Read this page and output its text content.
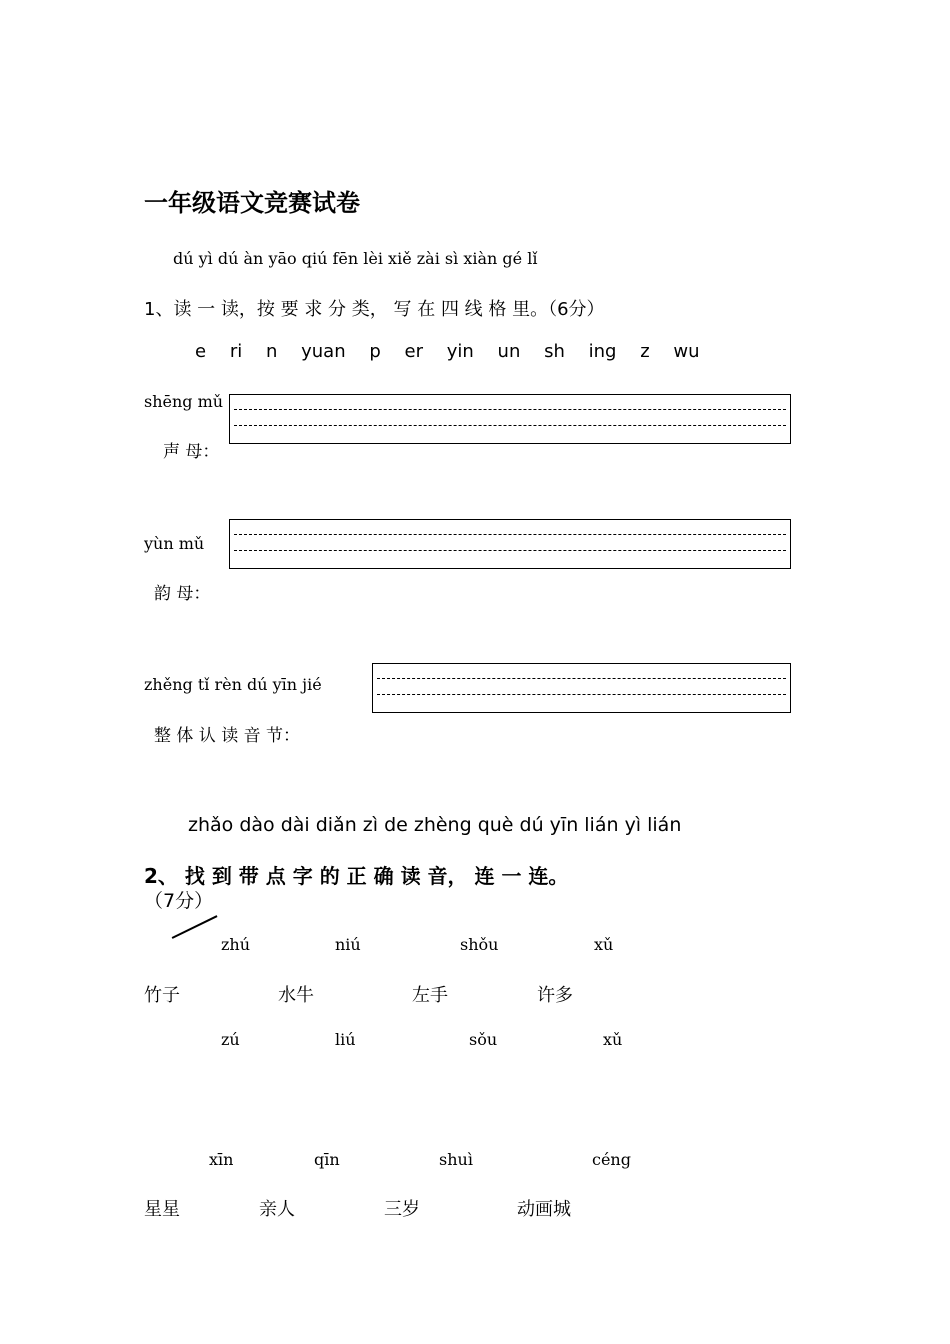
一年级语文竞赛试卷
dú yì dú àn yāo qiú fēn lèi xiě zài sì xiàn gé lǐ
1、读 一 读，按 要 求 分 类， 写 在 四 线 格 里。（6分）
e ri n yuan p er yin un sh ing z wu
shēng mǔ
声 母：
yùn mǔ
韵 母：
zhěng tǐ rèn dú yīn jié
整 体 认 读 音 节：
zhǎo dào dài diǎn zì de zhèng què dú yīn lián yì lián
2、 找 到 带 点 字 的 正 确 读 音， 连 一 连。
（7分）
zhú	niú	shǒu	xǔ
竹子	水牛	左手	许多
zú	liú	sǒu	xǔ
xīn	qīn	shuì	céng
星星	亲人	三岁	动画城
